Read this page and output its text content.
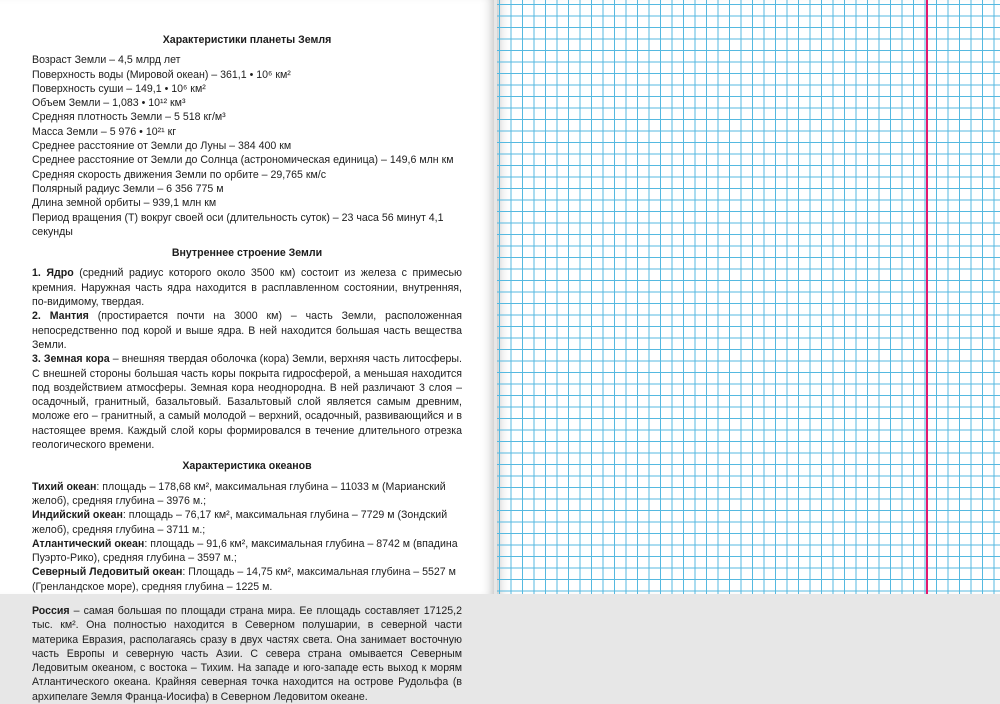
Характеристики планеты Земля

Возраст Земли – 4,5 млрд лет

Поверхность воды (Мировой океан) – 361,1 • 10⁶ км²

Поверхность суши – 149,1 • 10⁶ км²

Объем Земли – 1,083 • 10¹² км³

Средняя плотность Земли – 5 518 кг/м³

Масса Земли – 5 976 • 10²¹ кг

Среднее расстояние от Земли до Луны – 384 400 км

Среднее расстояние от Земли до Солнца (астрономическая единица) – 149,6 млн км

Средняя скорость движения Земли по орбите – 29,765 км/с

Полярный радиус Земли – 6 356 775 м

Длина земной орбиты – 939,1 млн км

Период вращения (T) вокруг своей оси (длительность суток) – 23 часа 56 минут 4,1 секунды

Внутреннее строение Земли

1. Ядро (средний радиус которого около 3500 км) состоит из железа с примесью кремния. Наружная часть ядра находится в расплавленном состоянии, внутренняя, по-видимому, твердая.

2. Мантия (простирается почти на 3000 км) – часть Земли, расположенная непосредственно под корой и выше ядра. В ней находится большая часть вещества Земли.

3. Земная кора – внешняя твердая оболочка (кора) Земли, верхняя часть литосферы. С внешней стороны большая часть коры покрыта гидросферой, а меньшая находится под воздействием атмосферы. Земная кора неоднородна. В ней различают 3 слоя – осадочный, гранитный, базальтовый. Базальтовый слой является самым древним, моложе его – гранитный, а самый молодой – верхний, осадочный, развивающийся и в настоящее время. Каждый слой коры формировался в течение длительного отрезка геологического времени.

Характеристика океанов

Тихий океан: площадь – 178,68 км², максимальная глубина – 11033 м (Марианский желоб), средняя глубина – 3976 м.;

Индийский океан: площадь – 76,17 км², максимальная глубина – 7729 м (Зондский желоб), средняя глубина – 3711 м.;

Атлантический океан: площадь – 91,6 км², максимальная глубина – 8742 м (впадина Пуэрто-Рико), средняя глубина – 3597 м.;

Северный Ледовитый океан: Площадь – 14,75 км², максимальная глубина – 5527 м (Гренландское море), средняя глубина – 1225 м.

Россия – самая большая по площади страна мира. Ее площадь составляет 17125,2 тыс. км². Она полностью находится в Северном полушарии, в северной части материка Евразия, располагаясь сразу в двух частях света. Она занимает восточную часть Европы и северную часть Азии. С севера страна омывается Северным Ледовитым океаном, с востока – Тихим. На западе и юго-западе есть выход к морям Атлантического океана. Крайняя северная точка находится на острове Рудольфа (в архипелаге Земля Франца-Иосифа) в Северном Ледовитом океане.
